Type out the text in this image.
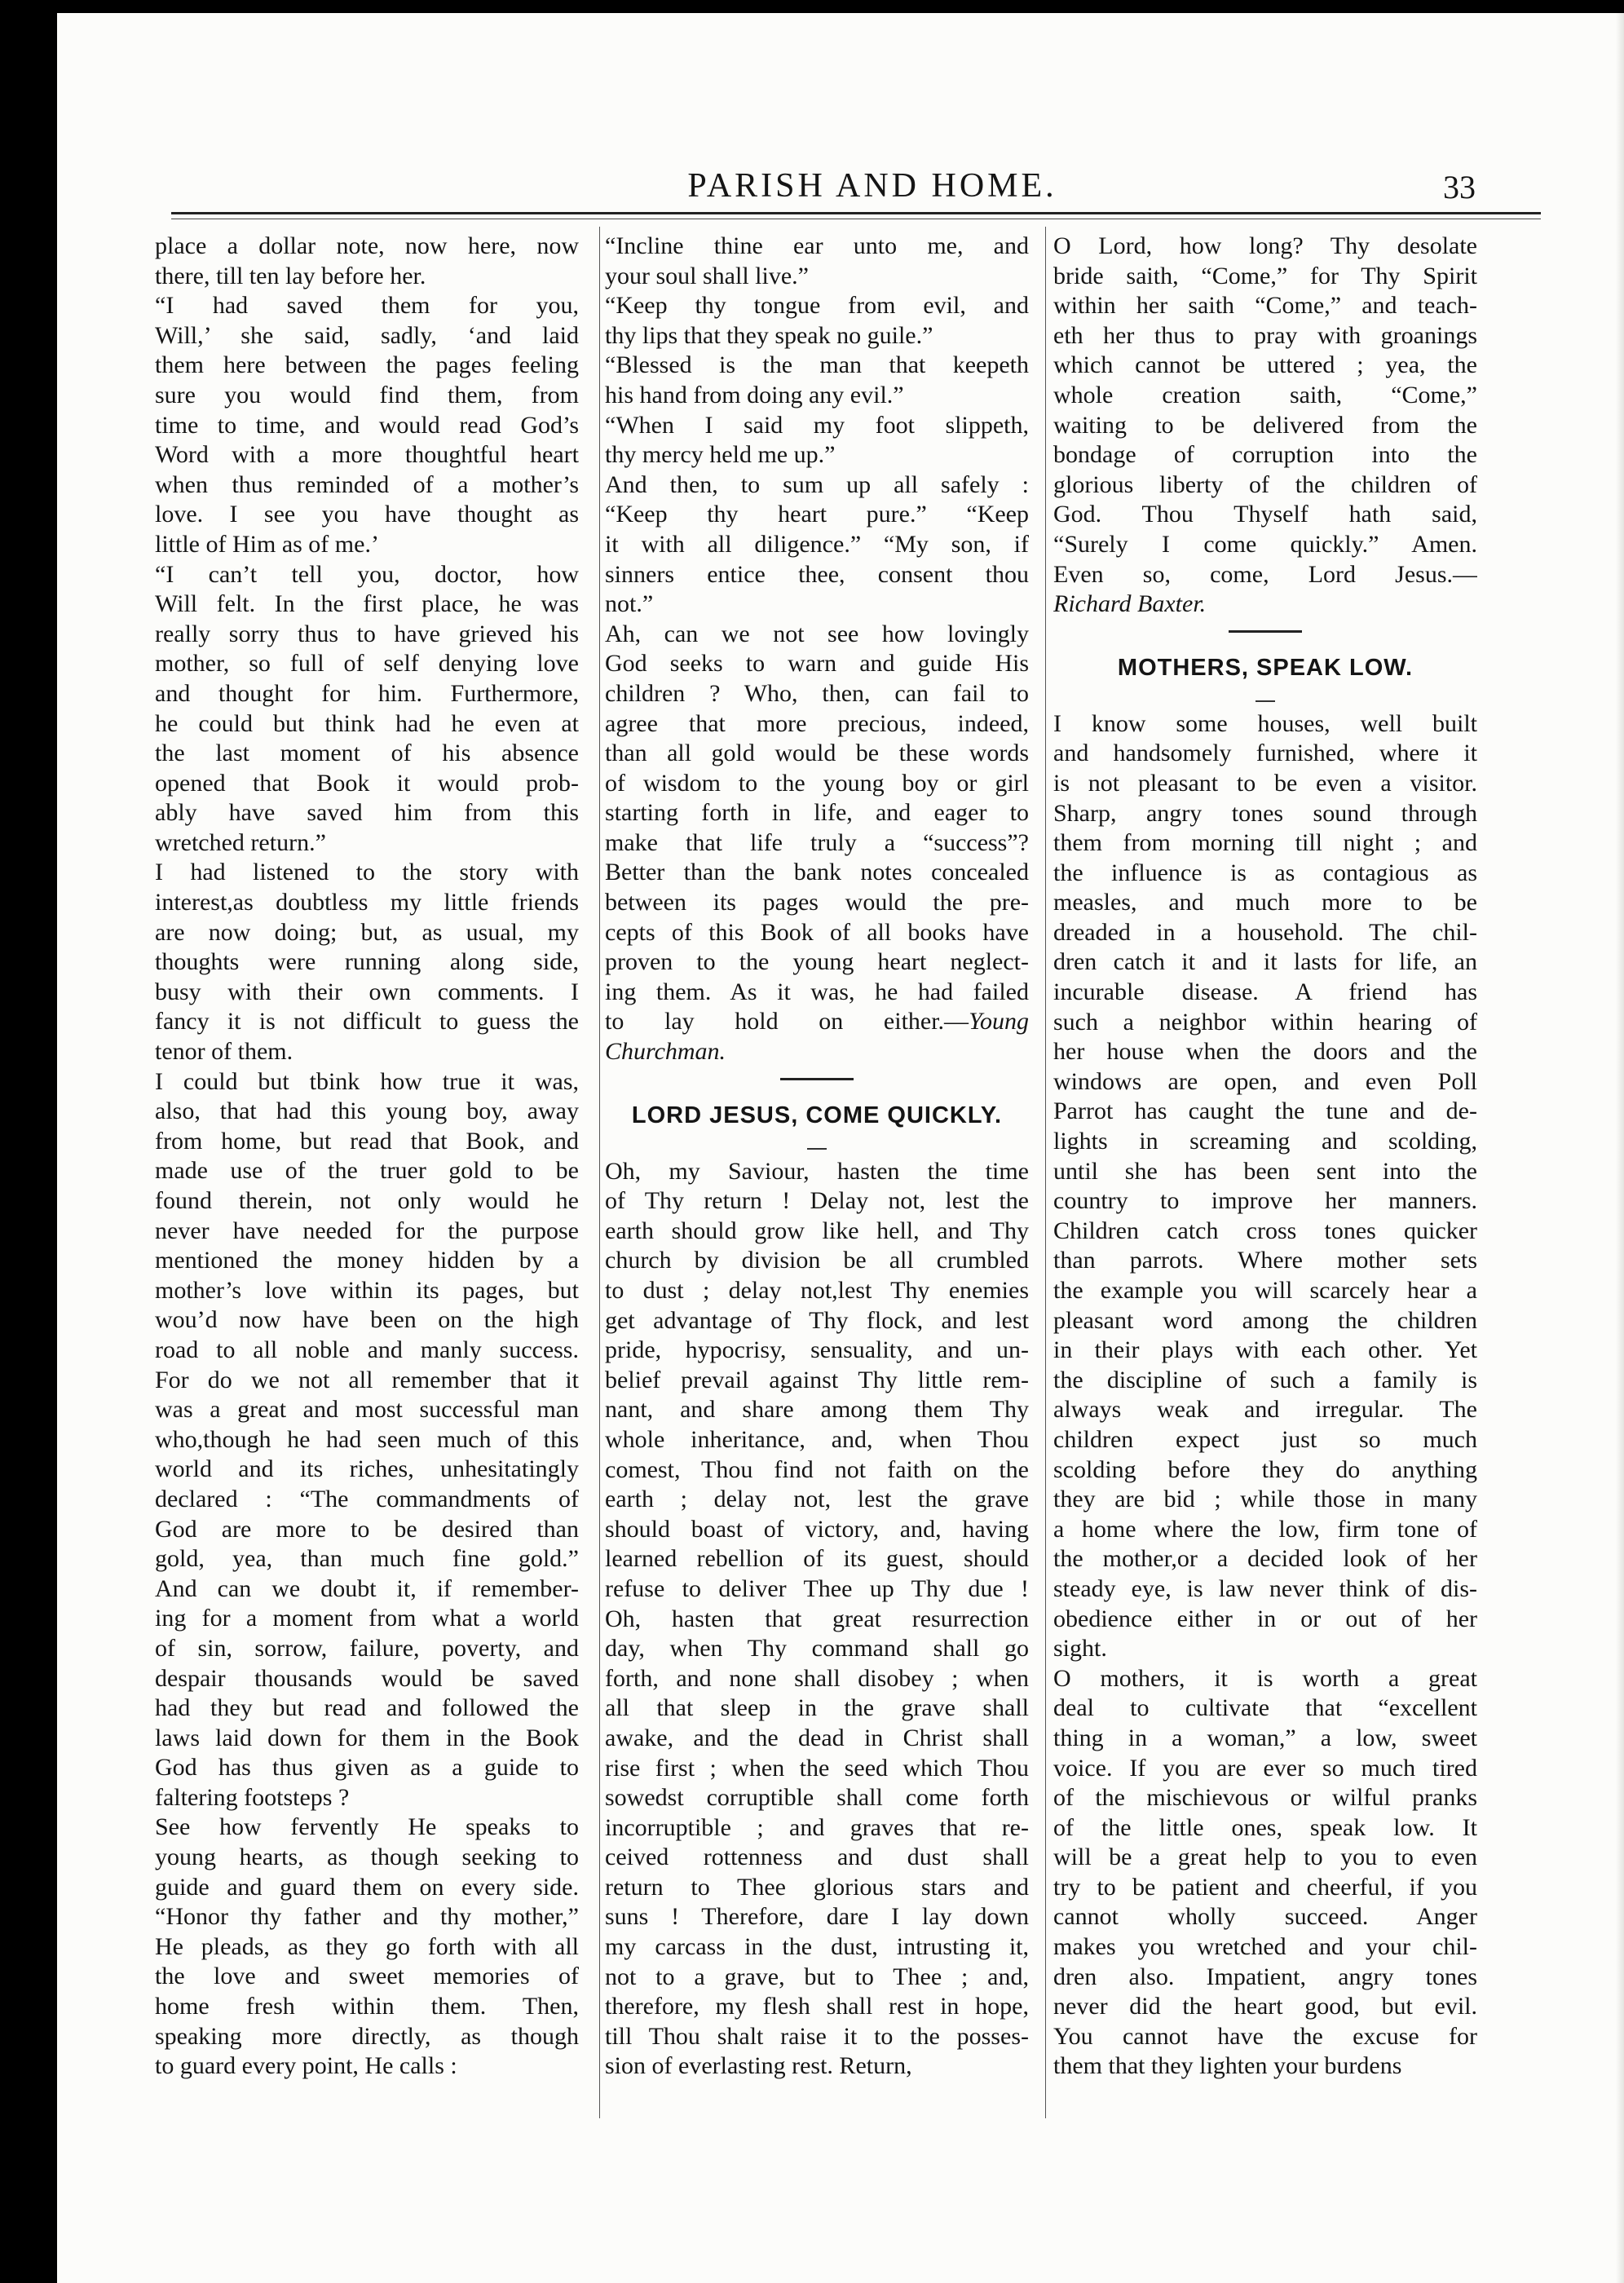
PARISH AND HOME.	33
place a dollar note, now here, now
there, till ten lay before her.
“I had saved them for you,
Will,’ she said, sadly, ‘and laid
them here between the pages feeling
sure you would find them, from
time to time, and would read God’s
Word with a more thoughtful heart
when thus reminded of a mother’s
love. I see you have thought as
little of Him as of me.’
“I can’t tell you, doctor, how
Will felt. In the first place, he was
really sorry thus to have grieved his
mother, so full of self denying love
and thought for him. Furthermore,
he could but think had he even at
the last moment of his absence
opened that Book it would prob-
ably have saved him from this
wretched return.”
I had listened to the story with
interest,as doubtless my little friends
are now doing; but, as usual, my
thoughts were running along side,
busy with their own comments. I
fancy it is not difficult to guess the
tenor of them.
I could but tbink how true it was,
also, that had this young boy, away
from home, but read that Book, and
made use of the truer gold to be
found therein, not only would he
never have needed for the purpose
mentioned the money hidden by a
mother’s love within its pages, but
wou’d now have been on the high
road to all noble and manly success.
For do we not all remember that it
was a great and most successful man
who,though he had seen much of this
world and its riches, unhesitatingly
declared : “The commandments of
God are more to be desired than
gold, yea, than much fine gold.”
And can we doubt it, if remember-
ing for a moment from what a world
of sin, sorrow, failure, poverty, and
despair thousands would be saved
had they but read and followed the
laws laid down for them in the Book
God has thus given as a guide to
faltering footsteps ?
See how fervently He speaks to
young hearts, as though seeking to
guide and guard them on every side.
“Honor thy father and thy mother,”
He pleads, as they go forth with all
the love and sweet memories of
home fresh within them. Then,
speaking more directly, as though
to guard every point, He calls :
“Incline thine ear unto me, and
your soul shall live.”
“Keep thy tongue from evil, and
thy lips that they speak no guile.”
“Blessed is the man that keepeth
his hand from doing any evil.”
“When I said my foot slippeth,
thy mercy held me up.”
And then, to sum up all safely :
“Keep thy heart pure.” “Keep
it with all diligence.” “My son, if
sinners entice thee, consent thou
not.”
Ah, can we not see how lovingly
God seeks to warn and guide His
children ? Who, then, can fail to
agree that more precious, indeed,
than all gold would be these words
of wisdom to the young boy or girl
starting forth in life, and eager to
make that life truly a “success”?
Better than the bank notes concealed
between its pages would the pre-
cepts of this Book of all books have
proven to the young heart neglect-
ing them. As it was, he had failed
to lay hold on either.—Young
Churchman.
LORD JESUS, COME QUICKLY.
Oh, my Saviour, hasten the time
of Thy return ! Delay not, lest the
earth should grow like hell, and Thy
church by division be all crumbled
to dust ; delay not,lest Thy enemies
get advantage of Thy flock, and lest
pride, hypocrisy, sensuality, and un-
belief prevail against Thy little rem-
nant, and share among them Thy
whole inheritance, and, when Thou
comest, Thou find not faith on the
earth ; delay not, lest the grave
should boast of victory, and, having
learned rebellion of its guest, should
refuse to deliver Thee up Thy due !
Oh, hasten that great resurrection
day, when Thy command shall go
forth, and none shall disobey ; when
all that sleep in the grave shall
awake, and the dead in Christ shall
rise first ; when the seed which Thou
sowedst corruptible shall come forth
incorruptible ; and graves that re-
ceived rottenness and dust shall
return to Thee glorious stars and
suns ! Therefore, dare I lay down
my carcass in the dust, intrusting it,
not to a grave, but to Thee ; and,
therefore, my flesh shall rest in hope,
till Thou shalt raise it to the posses-
sion of everlasting rest. Return,
O Lord, how long? Thy desolate
bride saith, “Come,” for Thy Spirit
within her saith “Come,” and teach-
eth her thus to pray with groanings
which cannot be uttered ; yea, the
whole creation saith, “Come,”
waiting to be delivered from the
bondage of corruption into the
glorious liberty of the children of
God. Thou Thyself hath said,
“Surely I come quickly.” Amen.
Even so, come, Lord Jesus.—
Richard Baxter.
MOTHERS, SPEAK LOW.
I know some houses, well built
and handsomely furnished, where it
is not pleasant to be even a visitor.
Sharp, angry tones sound through
them from morning till night ; and
the influence is as contagious as
measles, and much more to be
dreaded in a household. The chil-
dren catch it and it lasts for life, an
incurable disease. A friend has
such a neighbor within hearing of
her house when the doors and the
windows are open, and even Poll
Parrot has caught the tune and de-
lights in screaming and scolding,
until she has been sent into the
country to improve her manners.
Children catch cross tones quicker
than parrots. Where mother sets
the example you will scarcely hear a
pleasant word among the children
in their plays with each other. Yet
the discipline of such a family is
always weak and irregular. The
children expect just so much
scolding before they do anything
they are bid ; while those in many
a home where the low, firm tone of
the mother,or a decided look of her
steady eye, is law never think of dis-
obedience either in or out of her
sight.
O mothers, it is worth a great
deal to cultivate that “excellent
thing in a woman,” a low, sweet
voice. If you are ever so much tired
of the mischievous or wilful pranks
of the little ones, speak low. It
will be a great help to you to even
try to be patient and cheerful, if you
cannot wholly succeed. Anger
makes you wretched and your chil-
dren also. Impatient, angry tones
never did the heart good, but evil.
You cannot have the excuse for
them that they lighten your burdens
